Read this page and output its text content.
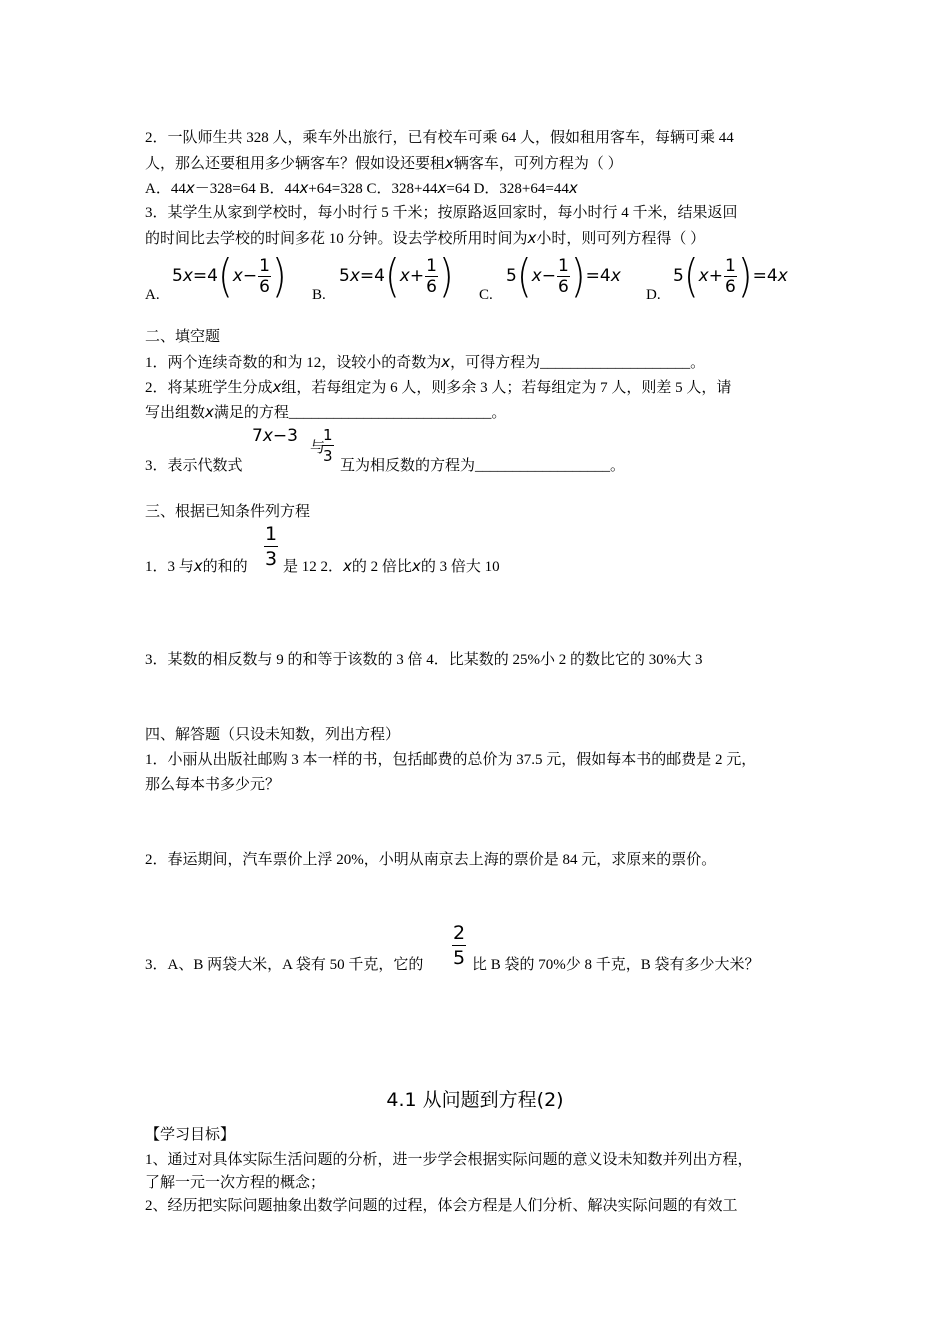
2．一队师生共 328 人，乘车外出旅行，已有校车可乘 64 人，假如租用客车，每辆可乘 44
人，那么还要租用多少辆客车？假如设还要租x辆客车，可列方程为（ ）
A．44x－328=64 B．44x+64=328 C．328+44x=64 D．328+64=44x
3．某学生从家到学校时，每小时行 5 千米；按原路返回家时，每小时行 4 千米，结果返回
的时间比去学校的时间多花 10 分钟。设去学校所用时间为x小时，则可列方程得（ ）
A.
$5x=4(x- \frac{1}{6}$ ) B.
$5x=4(x+ \frac{1}{6}$ ) C.
$5(x- \frac{1}{6} )=4x$
D.
$5(x+ \frac{1}{6} )=4x$
二、填空题
1．两个连续奇数的和为 12，设较小的奇数为x，可得方程为____________________。
2．将某班学生分成x组，若每组定为 6 人，则多余 3 人；若每组定为 7 人，则差 5 人，请
写出组数x满足的方程___________________________。
3．表示代数式
7x−3
与
$\frac{1}{3}$ 互为相反数的方程为__________________。
三、根据已知条件列方程
1．3 与x的和的 $\frac{1}{3}$ 是 12 2．x的 2 倍比x的 3 倍大 10
3．某数的相反数与 9 的和等于该数的 3 倍 4．比某数的 25%小 2 的数比它的 30%大 3
四、解答题（只设未知数，列出方程）
1．小丽从出版社邮购 3 本一样的书，包括邮费的总价为 37.5 元，假如每本书的邮费是 2 元，
那么每本书多少元？
2．春运期间，汽车票价上浮 20%，小明从南京去上海的票价是 84 元，求原来的票价。
3．A、B 两袋大米，A 袋有 50 千克，它的 $\frac{2}{5}$ 比 B 袋的 70%少 8 千克，B 袋有多少大米？
4.1 从问题到方程(2)
【学习目标】
1、通过对具体实际生活问题的分析，进一步学会根据实际问题的意义设未知数并列出方程，
了解一元一次方程的概念；
2、经历把实际问题抽象出数学问题的过程，体会方程是人们分析、解决实际问题的有效工
